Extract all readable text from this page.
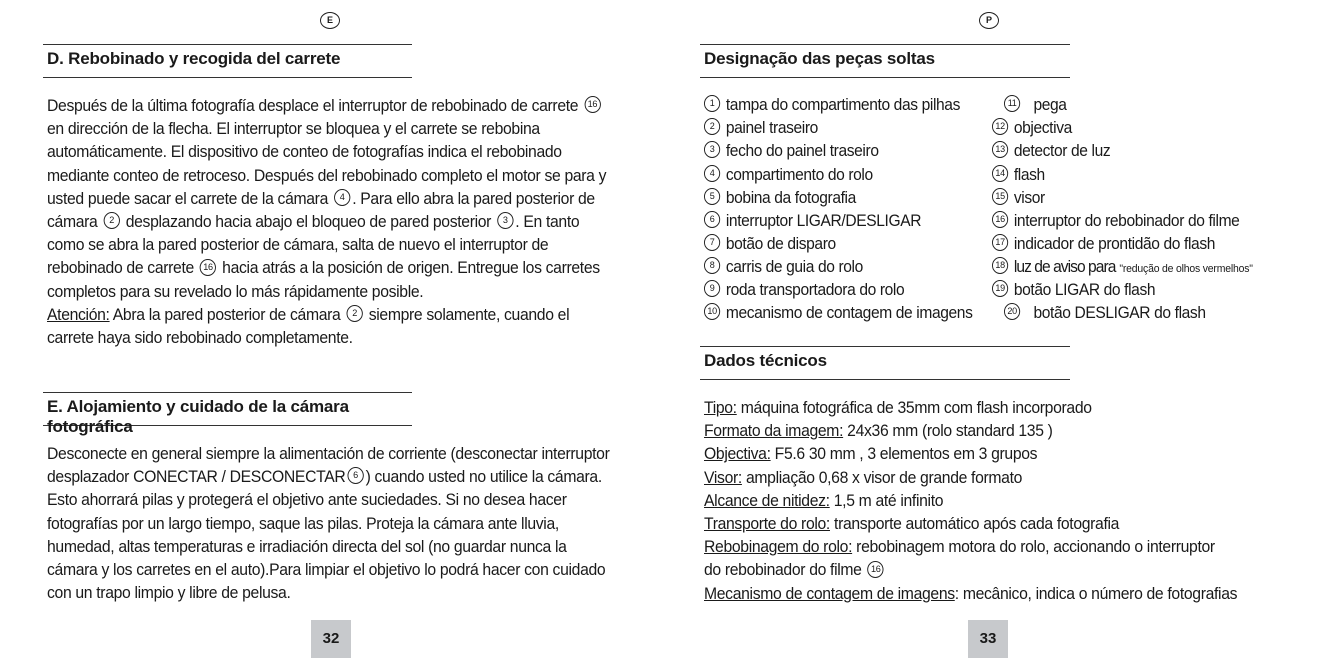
E
D. Rebobinado y recogida del carrete
Después de la última fotografía desplace el interruptor de rebobinado de carrete 16 en dirección de la flecha. El interruptor se bloquea y el carrete se rebobina automáticamente. El dispositivo de conteo de fotografías indica el rebobinado mediante conteo de retroceso. Después del rebobinado completo el motor se para y usted puede sacar el carrete de la cámara 4 . Para ello abra la pared posterior de cámara 2 desplazando hacia abajo el bloqueo de pared posterior 3 . En tanto como se abra la pared posterior de cámara, salta de nuevo el interruptor de rebobinado de carrete 16 hacia atrás a la posición de origen. Entregue los carretes completos para su revelado lo más rápidamente posible.
Atención: Abra la pared posterior de cámara 2 siempre solamente, cuando el carrete haya sido rebobinado completamente.
E. Alojamiento y cuidado de la cámara fotográfica
Desconecte en general siempre la alimentación de corriente (desconectar interruptor desplazador CONECTAR / DESCONECTAR 6 ) cuando usted no utilice la cámara. Esto ahorrará pilas y protegerá el objetivo ante suciedades. Si no desea hacer fotografías por un largo tiempo, saque las pilas. Proteja la cámara ante lluvia, humedad, altas temperaturas e irradiación directa del sol (no guardar nunca la cámara y los carretes en el auto).Para limpiar el objetivo lo podrá hacer con cuidado con un trapo limpio y libre de pelusa.
32
P
Designação das peças soltas
1 tampa do compartimento das pilhas
2 painel traseiro
3 fecho do painel traseiro
4 compartimento do rolo
5 bobina da fotografia
6 interruptor LIGAR/DESLIGAR
7 botão de disparo
8 carris de guia do rolo
9 roda transportadora do rolo
10 mecanismo de contagem de imagens
11 pega
12 objectiva
13 detector de luz
14 flash
15 visor
16 interruptor do rebobinador do filme
17 indicador de prontidão do flash
18 luz de aviso para "redução de olhos vermelhos"
19 botão LIGAR do flash
20 botão DESLIGAR do flash
Dados técnicos
Tipo: máquina fotográfica de 35mm com flash incorporado
Formato da imagem: 24x36 mm (rolo standard 135 )
Objectiva: F5.6 30 mm , 3 elementos em 3 grupos
Visor: ampliação 0,68 x visor de grande formato
Alcance de nitidez: 1,5 m até infinito
Transporte do rolo: transporte automático após cada fotografia
Rebobinagem do rolo: rebobinagem motora do rolo, accionando o interruptor
do rebobinador do filme 16
Mecanismo de contagem de imagens: mecânico, indica o número de fotografias
33
